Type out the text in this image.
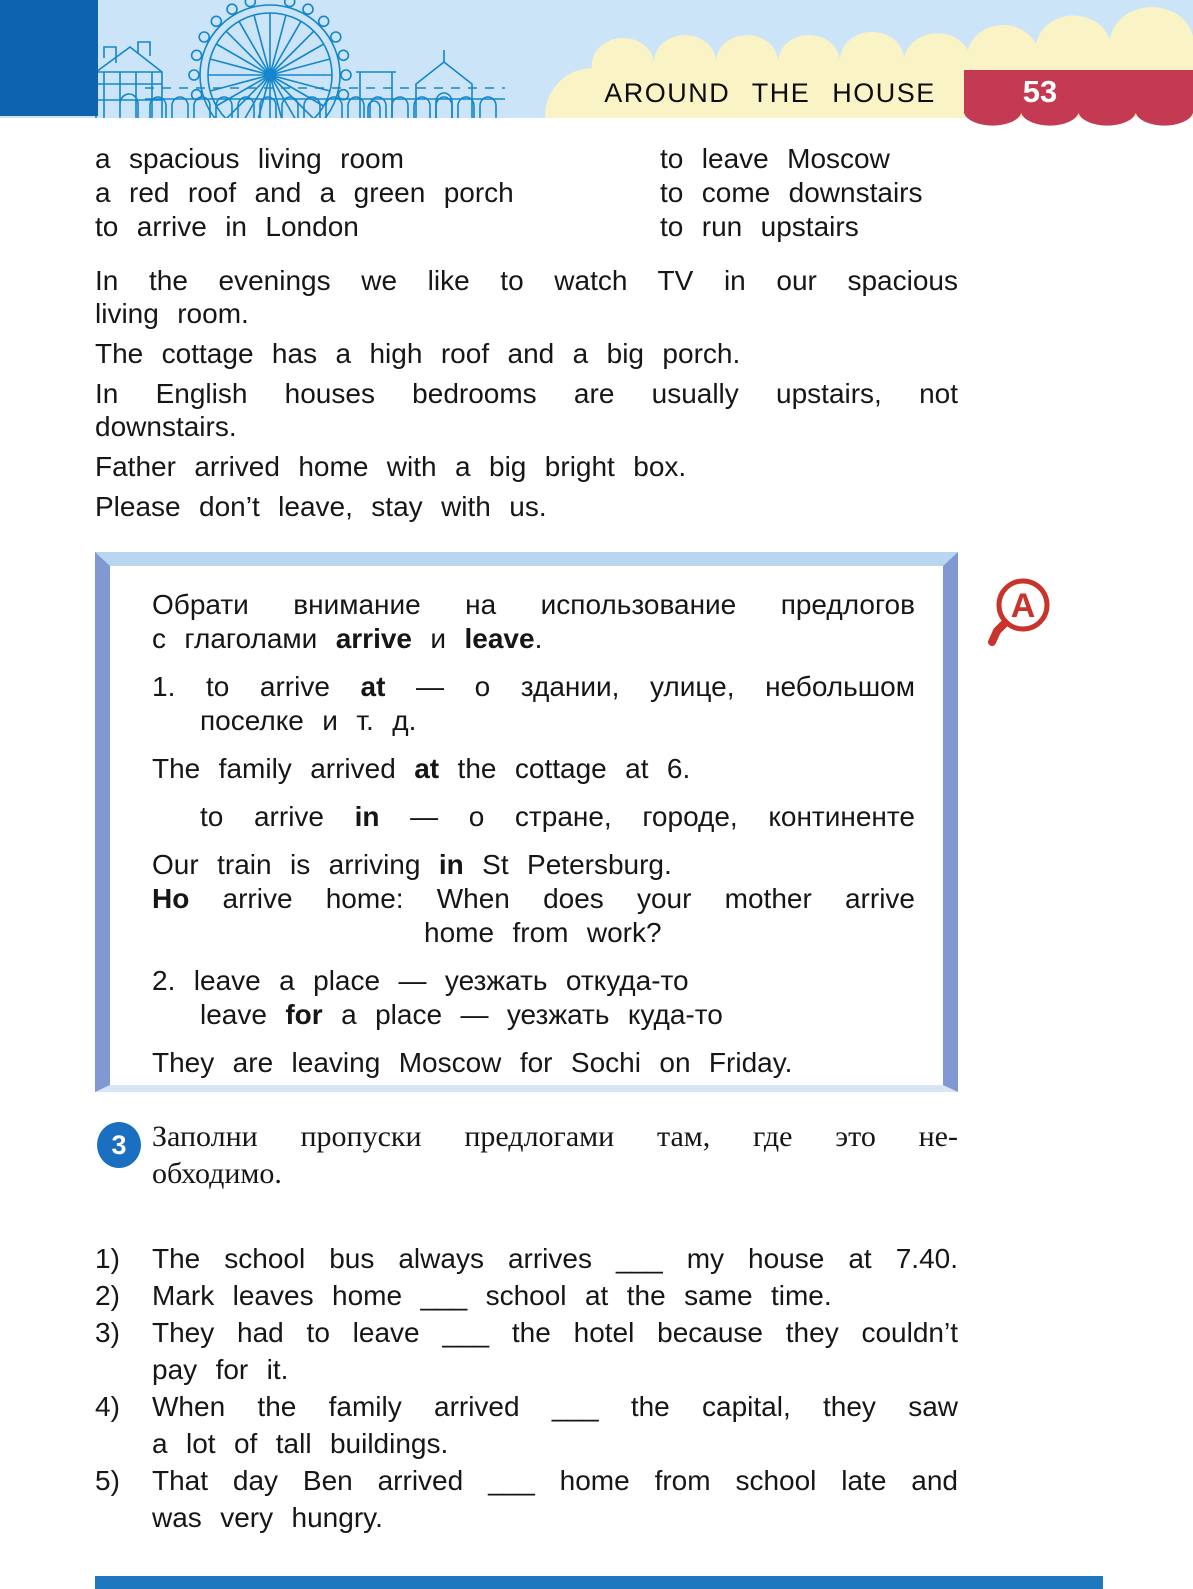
AROUND THE HOUSE	53
a spacious living room
a red roof and a green porch
to arrive in London
to leave Moscow
to come downstairs
to run upstairs
In the evenings we like to watch TV in our spacious
living room.
The cottage has a high roof and a big porch.
In English houses bedrooms are usually upstairs, not
downstairs.
Father arrived home with a big bright box.
Please don’t leave, stay with us.
Обрати внимание на использование предлогов
с глаголами arrive и leave.
1. to arrive at — о здании, улице, небольшом
поселке и т. д.
The family arrived at the cottage at 6.
to arrive in — о стране, городе, континенте
Our train is arriving in St Petersburg.
Но arrive home: When does your mother arrive
home from work?
2. leave a place — уезжать откуда-то
leave for a place — уезжать куда-то
They are leaving Moscow for Sochi on Friday.
A
3 Заполни пропуски предлогами там, где это не-
обходимо.
1) The school bus always arrives ___ my house at 7.40.
2) Mark leaves home ___ school at the same time.
3) They had to leave ___ the hotel because they couldn’t
pay for it.
4) When the family arrived ___ the capital, they saw
a lot of tall buildings.
5) That day Ben arrived ___ home from school late and
was very hungry.
